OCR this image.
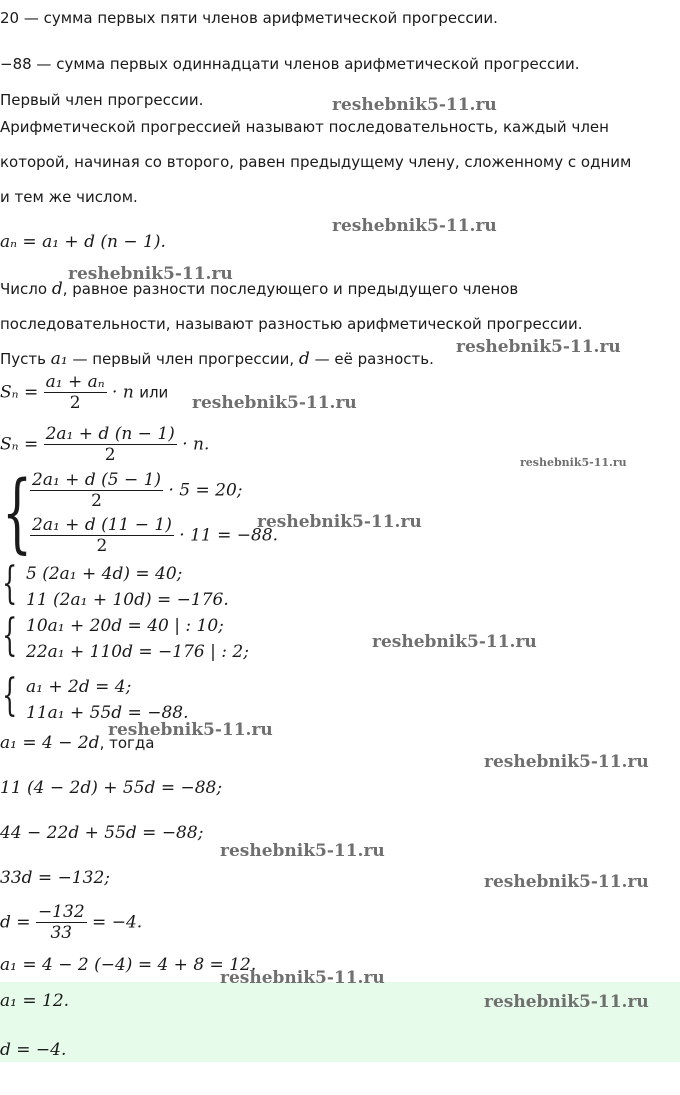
20 — сумма первых пяти членов арифметической прогрессии.
−88 — сумма первых одиннадцати членов арифметической прогрессии.
Первый член прогрессии.
Арифметической прогрессией называют последовательность, каждый член
которой, начиная со второго, равен предыдущему члену, сложенному с одним
и тем же числом.
aₙ = a₁ + d (n − 1).
Число d, равное разности последующего и предыдущего членов
последовательности, называют разностью арифметической прогрессии.
Пусть a₁ — первый член прогрессии, d — её разность.
$S_n = \frac{\text{a₁ + aₙ}}{2} \cdot n$ или
$S_n = \frac{\text{2a₁ + d (n − 1)}}{2} \cdot n$.
{
$\frac{\text{2a₁ + d (5 − 1)}}{2} \cdot 5 = 20$;
$\frac{\text{2a₁ + d (11 − 1)}}{2} \cdot 11 = -88$.
{ 5 (2a₁ + 4d) = 40;
11 (2a₁ + 10d) = −176.
{ 10a₁ + 20d = 40 | : 10;
22a₁ + 110d = −176 | : 2;
{ a₁ + 2d = 4;
11a₁ + 55d = −88.
a₁ = 4 − 2d, тогда
11 (4 − 2d) + 55d = −88;
44 − 22d + 55d = −88;
33d = −132;
$d = \frac{-132}{33} = -4$.
a₁ = 4 − 2 (−4) = 4 + 8 = 12.
a₁ = 12.
d = −4.
reshebnik5-11.ru
reshebnik5-11.ru
reshebnik5-11.ru
reshebnik5-11.ru
reshebnik5-11.ru
reshebnik5-11.ru
reshebnik5-11.ru
reshebnik5-11.ru
reshebnik5-11.ru
reshebnik5-11.ru
reshebnik5-11.ru
reshebnik5-11.ru
reshebnik5-11.ru
reshebnik5-11.ru
